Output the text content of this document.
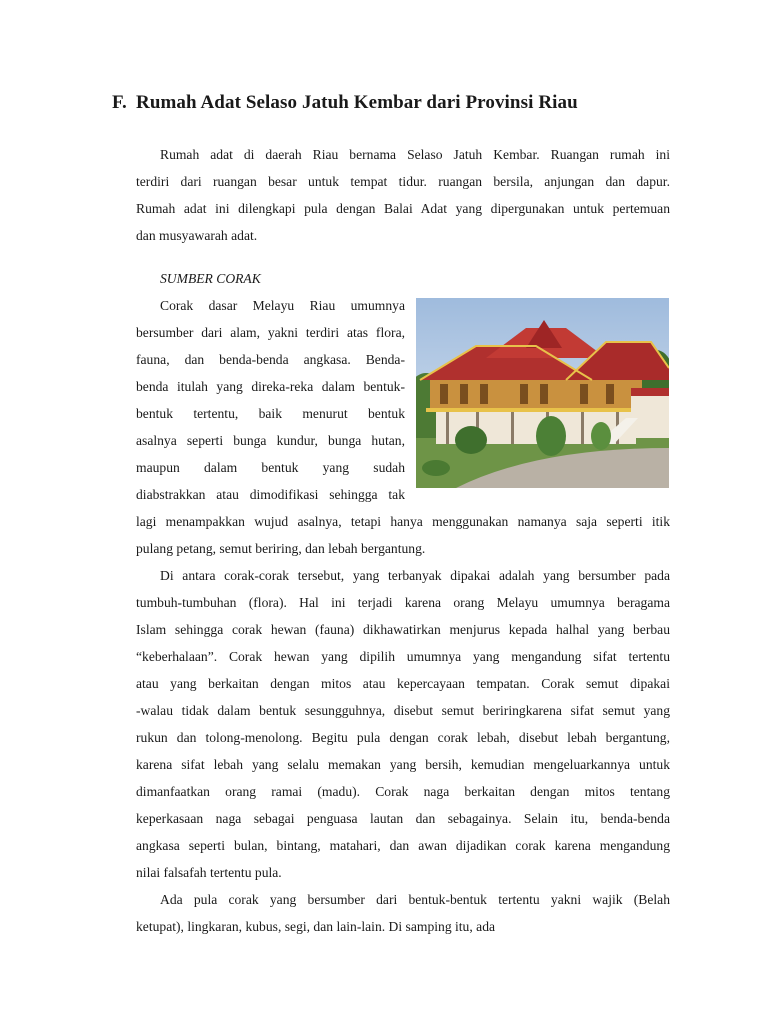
F. Rumah Adat Selaso Jatuh Kembar dari Provinsi Riau
Rumah adat di daerah Riau bernama Selaso Jatuh Kembar. Ruangan rumah ini
terdiri dari ruangan besar untuk tempat tidur. ruangan bersila, anjungan dan dapur.
Rumah adat ini dilengkapi pula dengan Balai Adat yang dipergunakan untuk pertemuan
dan musyawarah adat.
SUMBER CORAK
Corak dasar Melayu Riau umumnya
bersumber dari alam, yakni terdiri atas flora,
fauna, dan benda-benda angkasa. Benda-
benda itulah yang direka-reka dalam bentuk-
bentuk tertentu, baik menurut bentuk
asalnya seperti bunga kundur, bunga hutan,
maupun dalam bentuk yang sudah
diabstrakkan atau dimodifikasi sehingga tak
lagi menampakkan wujud asalnya, tetapi hanya menggunakan namanya saja seperti itik
pulang petang, semut beriring, dan lebah bergantung.
Di antara corak-corak tersebut, yang terbanyak dipakai adalah yang bersumber pada
tumbuh-tumbuhan (flora). Hal ini terjadi karena orang Melayu umumnya beragama
Islam sehingga corak hewan (fauna) dikhawatirkan menjurus kepada halhal yang berbau
“keberhalaan”. Corak hewan yang dipilih umumnya yang mengandung sifat tertentu
atau yang berkaitan dengan mitos atau kepercayaan tempatan. Corak semut dipakai
-walau tidak dalam bentuk sesungguhnya, disebut semut beriringkarena sifat semut yang
rukun dan tolong-menolong. Begitu pula dengan corak lebah, disebut lebah bergantung,
karena sifat lebah yang selalu memakan yang bersih, kemudian mengeluarkannya untuk
dimanfaatkan orang ramai (madu). Corak naga berkaitan dengan mitos tentang
keperkasaan naga sebagai penguasa lautan dan sebagainya. Selain itu, benda-benda
angkasa seperti bulan, bintang, matahari, dan awan dijadikan corak karena mengandung
nilai falsafah tertentu pula.
Ada pula corak yang bersumber dari bentuk-bentuk tertentu yakni wajik (Belah
ketupat), lingkaran, kubus, segi, dan lain-lain. Di samping itu, ada
